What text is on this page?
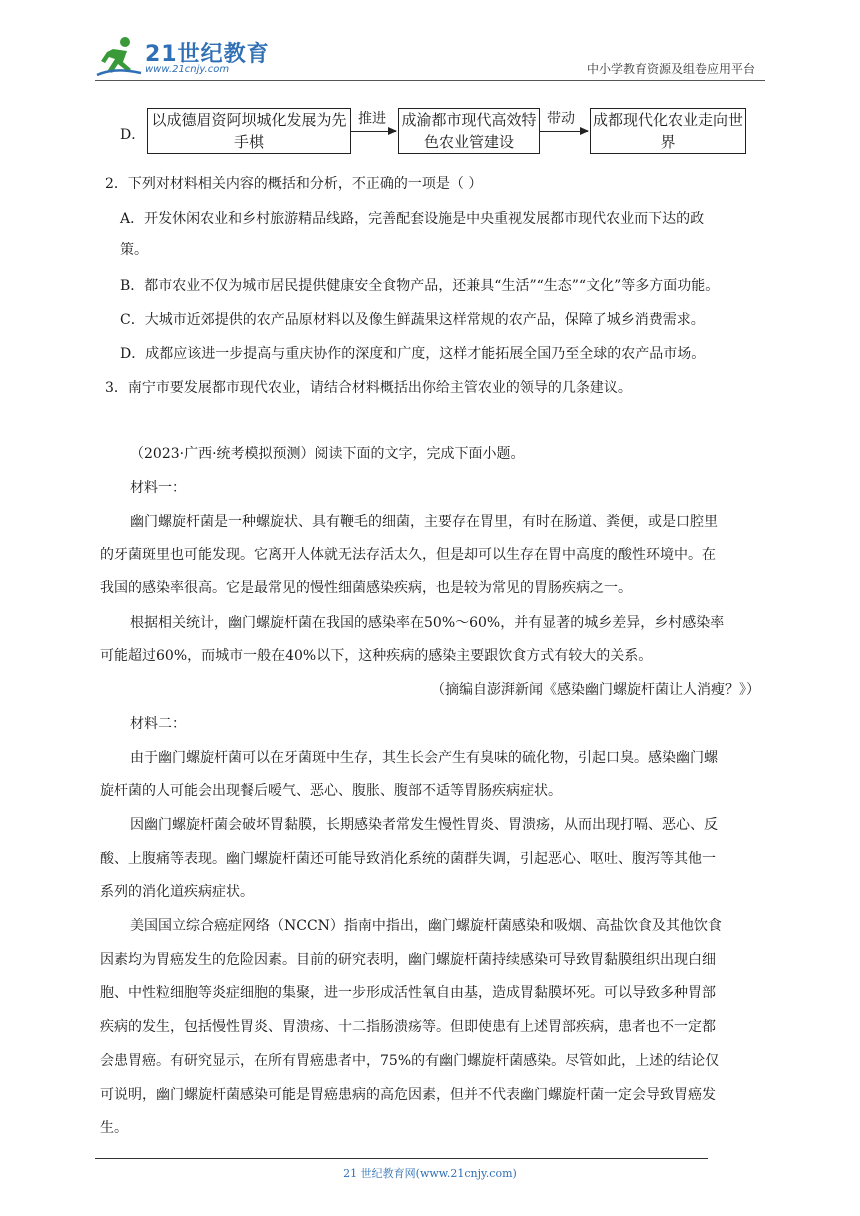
21世纪教育
www.21cnjy.com	中小学教育资源及组卷应用平台
D．
以成德眉资阿坝城化发展为先手棋
推进 成渝都市现代高效特色农业管建设
带动 成都现代化农业走向世界
2．下列对材料相关内容的概括和分析，不正确的一项是（ ）
A．开发休闲农业和乡村旅游精品线路，完善配套设施是中央重视发展都市现代农业而下达的政
策。
B．都市农业不仅为城市居民提供健康安全食物产品，还兼具“生活”“生态”“文化”等多方面功能。
C．大城市近郊提供的农产品原材料以及像生鲜蔬果这样常规的农产品，保障了城乡消费需求。
D．成都应该进一步提高与重庆协作的深度和广度，这样才能拓展全国乃至全球的农产品市场。
3．南宁市要发展都市现代农业，请结合材料概括出你给主管农业的领导的几条建议。
（2023·广西·统考模拟预测）阅读下面的文字，完成下面小题。
材料一：
幽门螺旋杆菌是一种螺旋状、具有鞭毛的细菌，主要存在胃里，有时在肠道、粪便，或是口腔里
的牙菌斑里也可能发现。它离开人体就无法存活太久，但是却可以生存在胃中高度的酸性环境中。在
我国的感染率很高。它是最常见的慢性细菌感染疾病，也是较为常见的胃肠疾病之一。
根据相关统计，幽门螺旋杆菌在我国的感染率在50%～60%，并有显著的城乡差异，乡村感染率
可能超过60%，而城市一般在40%以下，这种疾病的感染主要跟饮食方式有较大的关系。
（摘编自澎湃新闻《感染幽门螺旋杆菌让人消瘦？》）
材料二：
由于幽门螺旋杆菌可以在牙菌斑中生存，其生长会产生有臭味的硫化物，引起口臭。感染幽门螺
旋杆菌的人可能会出现餐后嗳气、恶心、腹胀、腹部不适等胃肠疾病症状。
因幽门螺旋杆菌会破坏胃黏膜，长期感染者常发生慢性胃炎、胃溃疡，从而出现打嗝、恶心、反
酸、上腹痛等表现。幽门螺旋杆菌还可能导致消化系统的菌群失调，引起恶心、呕吐、腹泻等其他一
系列的消化道疾病症状。
美国国立综合癌症网络（NCCN）指南中指出，幽门螺旋杆菌感染和吸烟、高盐饮食及其他饮食
因素均为胃癌发生的危险因素。目前的研究表明，幽门螺旋杆菌持续感染可导致胃黏膜组织出现白细
胞、中性粒细胞等炎症细胞的集聚，进一步形成活性氧自由基，造成胃黏膜坏死。可以导致多种胃部
疾病的发生，包括慢性胃炎、胃溃疡、十二指肠溃疡等。但即使患有上述胃部疾病，患者也不一定都
会患胃癌。有研究显示，在所有胃癌患者中，75%的有幽门螺旋杆菌感染。尽管如此，上述的结论仅
可说明，幽门螺旋杆菌感染可能是胃癌患病的高危因素，但并不代表幽门螺旋杆菌一定会导致胃癌发
生。
21 世纪教育网(www.21cnjy.com)
